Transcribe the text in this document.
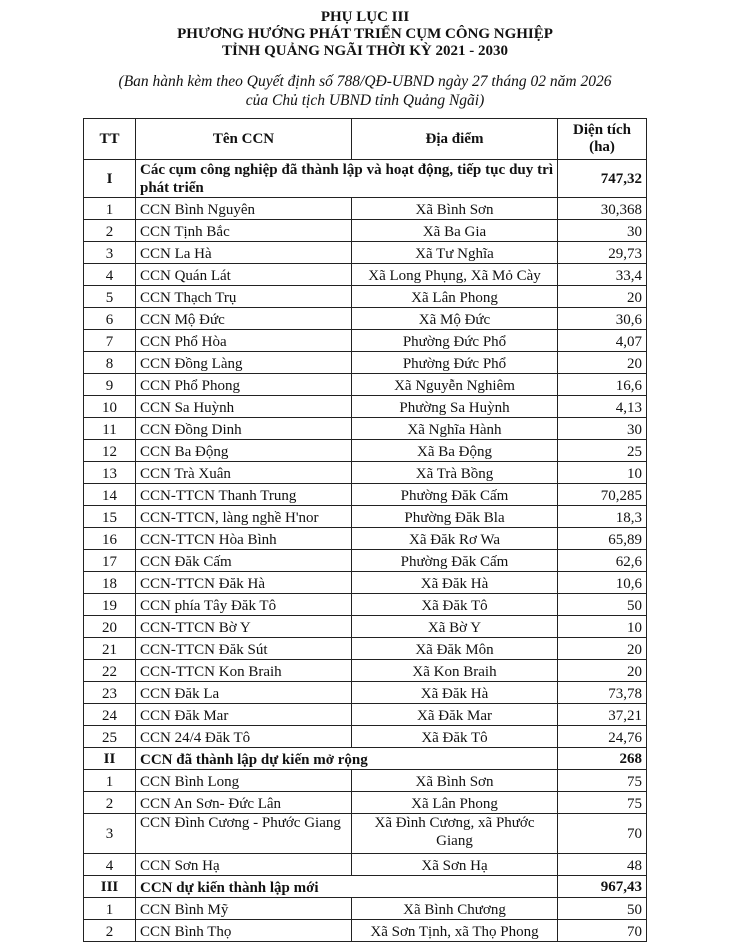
PHỤ LỤC III
PHƯƠNG HƯỚNG PHÁT TRIỂN CỤM CÔNG NGHIỆP
TỈNH QUẢNG NGÃI THỜI KỲ 2021 - 2030
(Ban hành kèm theo Quyết định số 788/QĐ-UBND ngày 27 tháng 02 năm 2026
của Chủ tịch UBND tỉnh Quảng Ngãi)
TT	Tên CCN	Địa điểm	Diện tích (ha)
I	Các cụm công nghiệp đã thành lập và hoạt động, tiếp tục duy trì phát triển		747,32
1	CCN Bình Nguyên	Xã Bình Sơn	30,368
2	CCN Tịnh Bắc	Xã Ba Gia	30
3	CCN La Hà	Xã Tư Nghĩa	29,73
4	CCN Quán Lát	Xã Long Phụng, Xã Mỏ Cày	33,4
5	CCN Thạch Trụ	Xã Lân Phong	20
6	CCN Mộ Đức	Xã Mộ Đức	30,6
7	CCN Phổ Hòa	Phường Đức Phổ	4,07
8	CCN Đồng Làng	Phường Đức Phổ	20
9	CCN Phổ Phong	Xã Nguyễn Nghiêm	16,6
10	CCN Sa Huỳnh	Phường Sa Huỳnh	4,13
11	CCN Đồng Dinh	Xã Nghĩa Hành	30
12	CCN Ba Động	Xã Ba Động	25
13	CCN Trà Xuân	Xã Trà Bồng	10
14	CCN-TTCN Thanh Trung	Phường Đăk Cấm	70,285
15	CCN-TTCN, làng nghề H'nor	Phường Đăk Bla	18,3
16	CCN-TTCN Hòa Bình	Xã Đăk Rơ Wa	65,89
17	CCN Đăk Cấm	Phường Đăk Cấm	62,6
18	CCN-TTCN Đăk Hà	Xã Đăk Hà	10,6
19	CCN phía Tây Đăk Tô	Xã Đăk Tô	50
20	CCN-TTCN Bờ Y	Xã Bờ Y	10
21	CCN-TTCN Đăk Sút	Xã Đăk Môn	20
22	CCN-TTCN Kon Braih	Xã Kon Braih	20
23	CCN Đăk La	Xã Đăk Hà	73,78
24	CCN Đăk Mar	Xã Đăk Mar	37,21
25	CCN 24/4 Đăk Tô	Xã Đăk Tô	24,76
II	CCN đã thành lập dự kiến mở rộng		268
1	CCN Bình Long	Xã Bình Sơn	75
2	CCN An Sơn- Đức Lân	Xã Lân Phong	75
3	CCN Đình Cương - Phước Giang	Xã Đình Cương, xã Phước Giang	70
4	CCN Sơn Hạ	Xã Sơn Hạ	48
III	CCN dự kiến thành lập mới		967,43
1	CCN Bình Mỹ	Xã Bình Chương	50
2	CCN Bình Thọ	Xã Sơn Tịnh, xã Thọ Phong	70
